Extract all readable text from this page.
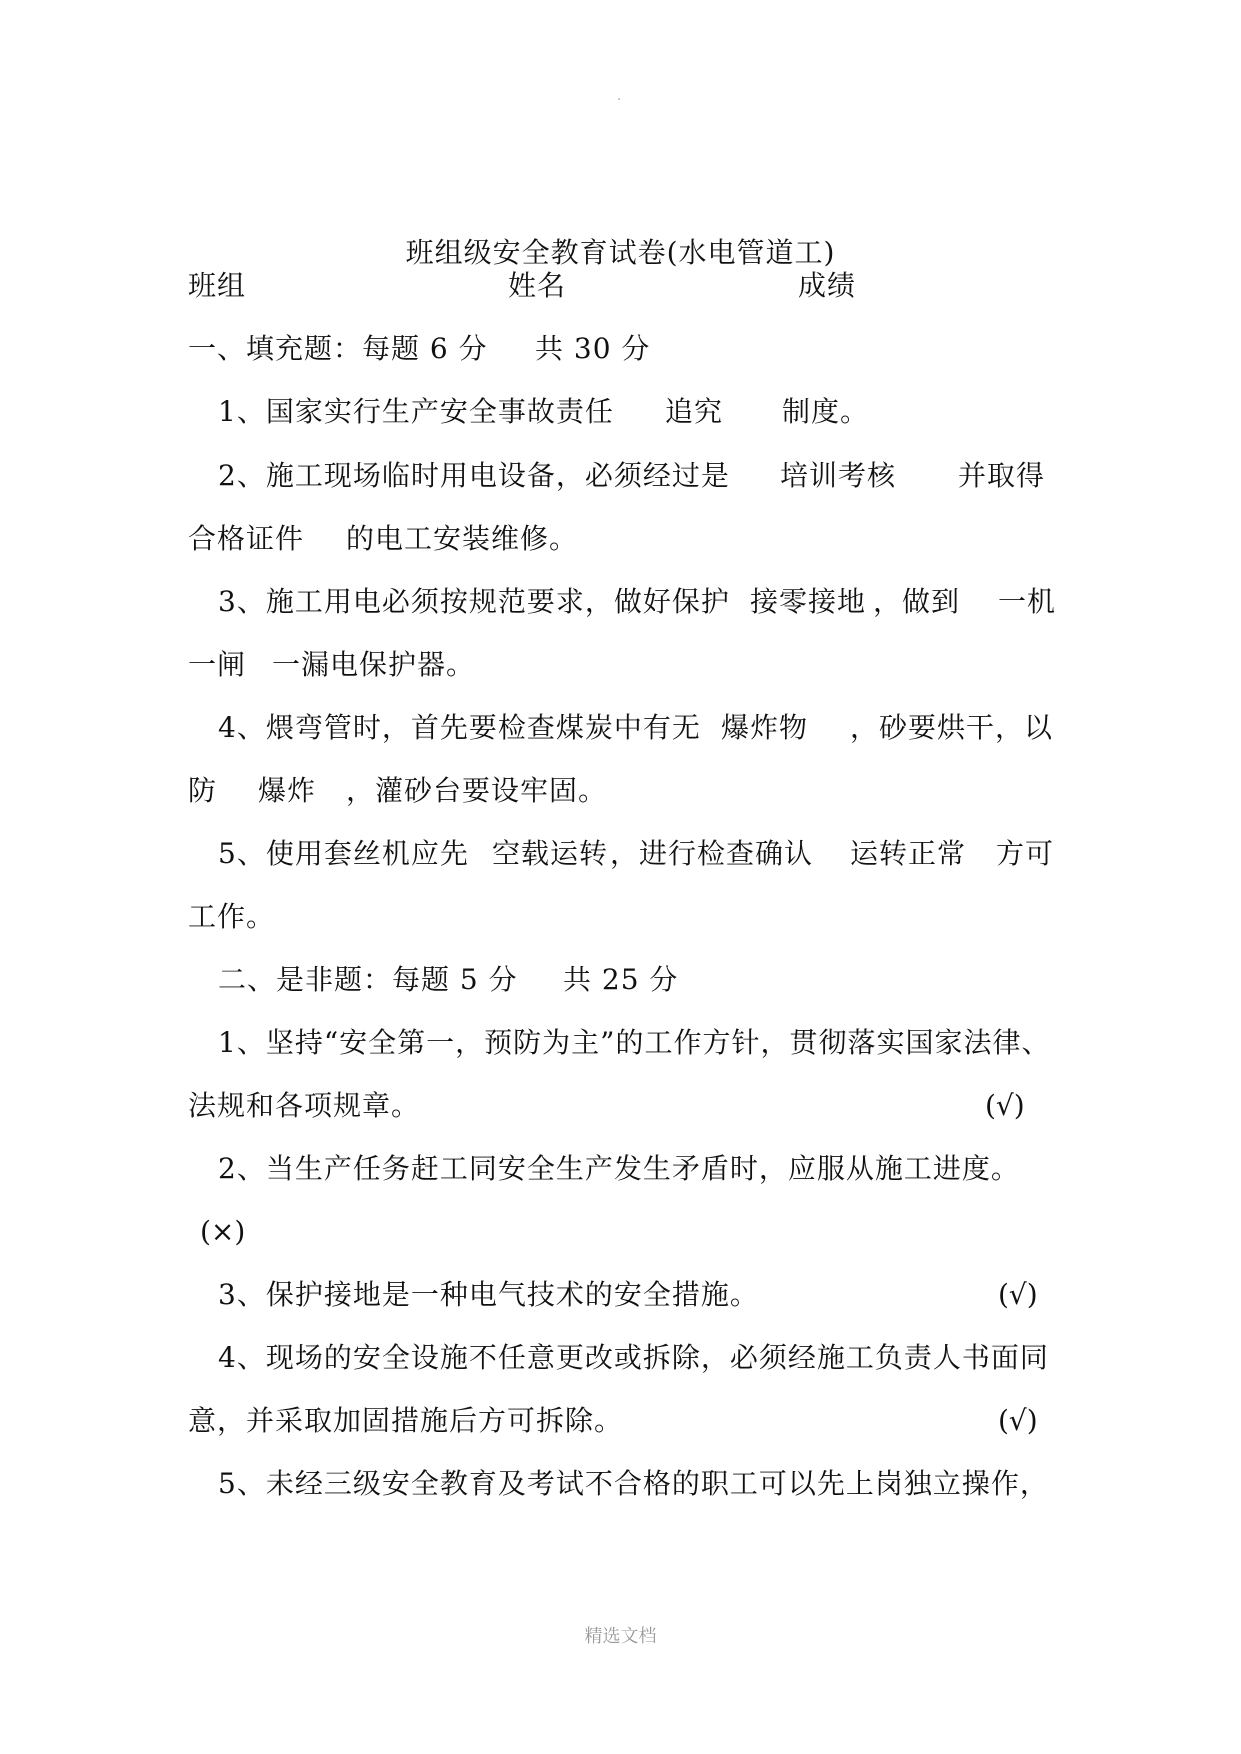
班组级安全教育试卷(水电管道工)
班组	姓名	成绩
一、填充题：每题 6 分 共 30 分
1、国家实行生产安全事故责任 追究 制度。
2、施工现场临时用电设备，必须经过是 培训考核 并取得
合格证件 的电工安装维修。
3、施工用电必须按规范要求，做好保护 接零接地 ，做到 一机
一闸 一漏电保护器。
4、煨弯管时，首先要检查煤炭中有无 爆炸物 ，砂要烘干，以
防 爆炸 ，灌砂台要设牢固。
5、使用套丝机应先 空载运转 ，进行检查确认 运转正常 方可
工作。
二、是非题：每题 5 分 共 25 分
1、坚持“安全第一，预防为主”的工作方针，贯彻落实国家法律、
法规和各项规章。	(√)
2、当生产任务赶工同安全生产发生矛盾时，应服从施工进度。
(×)
3、保护接地是一种电气技术的安全措施。	(√)
4、现场的安全设施不任意更改或拆除，必须经施工负责人书面同
意，并采取加固措施后方可拆除。	(√)
5、未经三级安全教育及考试不合格的职工可以先上岗独立操作，
精选文档
